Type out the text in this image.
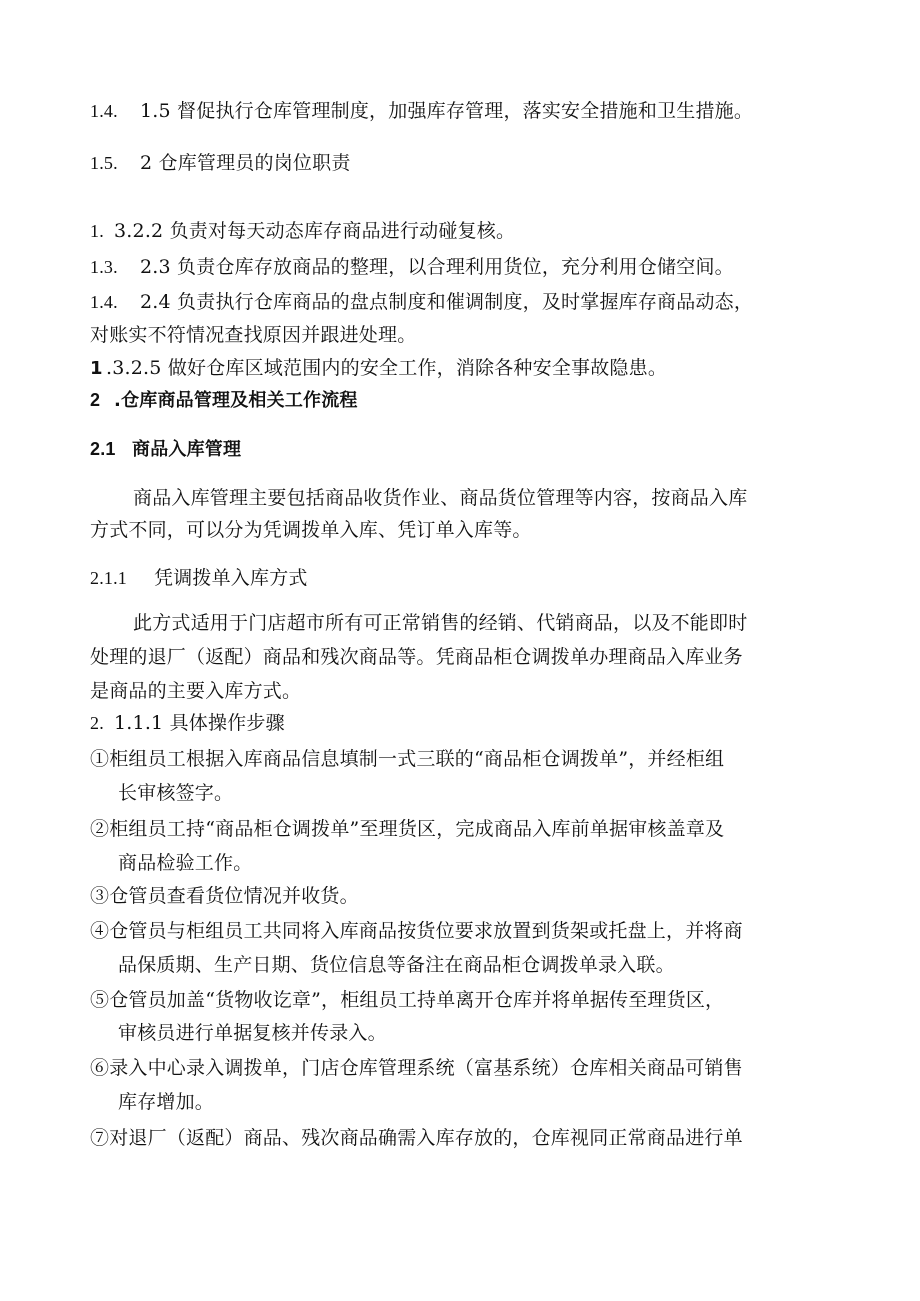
1.4. 1.5 督促执行仓库管理制度，加强库存管理，落实安全措施和卫生措施。
1.5. 2 仓库管理员的岗位职责
1. 3.2.2 负责对每天动态库存商品进行动碰复核。
1.3. 2.3 负责仓库存放商品的整理，以合理利用货位，充分利用仓储空间。
1.4. 2.4 负责执行仓库商品的盘点制度和催调制度，及时掌握库存商品动态，
对账实不符情况查找原因并跟进处理。
1 .3.2.5 做好仓库区域范围内的安全工作，消除各种安全事故隐患。
2 .仓库商品管理及相关工作流程
2.1 商品入库管理
商品入库管理主要包括商品收货作业、商品货位管理等内容，按商品入库
方式不同，可以分为凭调拨单入库、凭订单入库等。
2.1.1 凭调拨单入库方式
此方式适用于门店超市所有可正常销售的经销、代销商品，以及不能即时
处理的退厂（返配）商品和残次商品等。凭商品柜仓调拨单办理商品入库业务
是商品的主要入库方式。
2. 1.1.1 具体操作步骤
①柜组员工根据入库商品信息填制一式三联的“商品柜仓调拨单”，并经柜组
长审核签字。
②柜组员工持“商品柜仓调拨单”至理货区，完成商品入库前单据审核盖章及
商品检验工作。
③仓管员查看货位情况并收货。
④仓管员与柜组员工共同将入库商品按货位要求放置到货架或托盘上，并将商
品保质期、生产日期、货位信息等备注在商品柜仓调拨单录入联。
⑤仓管员加盖“货物收讫章”，柜组员工持单离开仓库并将单据传至理货区，
审核员进行单据复核并传录入。
⑥录入中心录入调拨单，门店仓库管理系统（富基系统）仓库相关商品可销售
库存增加。
⑦对退厂（返配）商品、残次商品确需入库存放的，仓库视同正常商品进行单
